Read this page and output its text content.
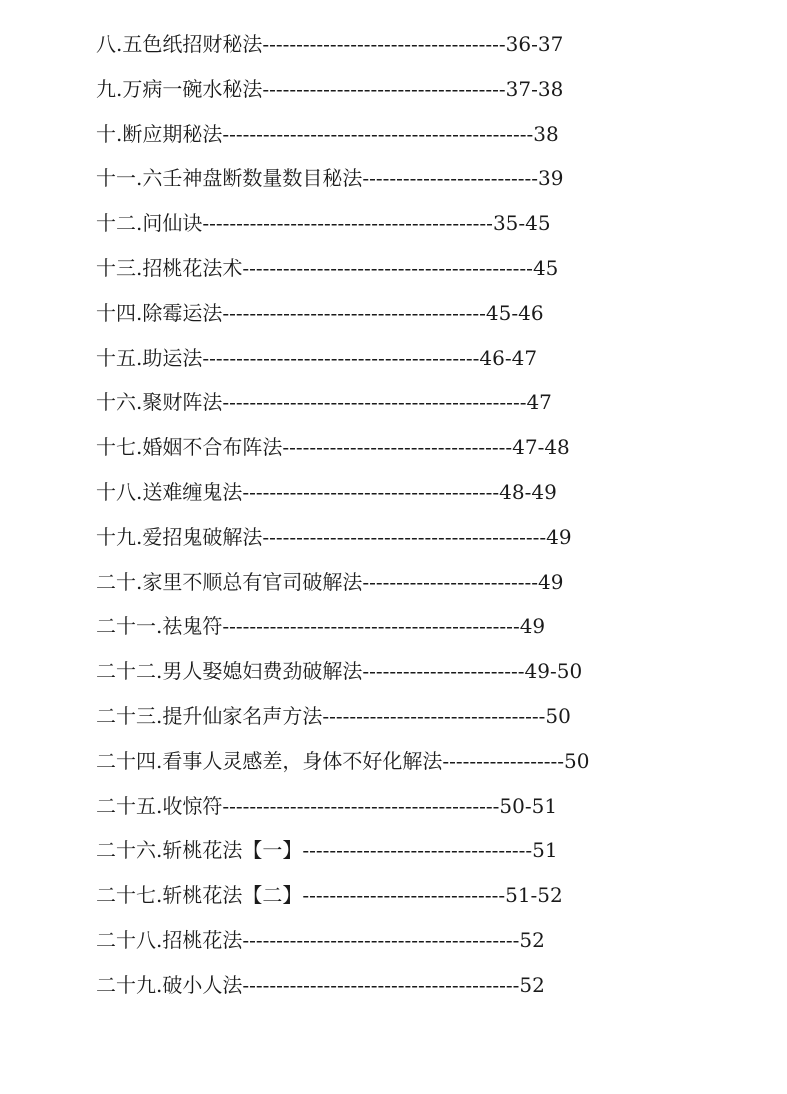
八.五色纸招财秘法------------------------------------36-37
九.万病一碗水秘法------------------------------------37-38
十.断应期秘法----------------------------------------------38
十一.六壬神盘断数量数目秘法--------------------------39
十二.问仙诀-------------------------------------------35-45
十三.招桃花法术-------------------------------------------45
十四.除霉运法---------------------------------------45-46
十五.助运法-----------------------------------------46-47
十六.聚财阵法---------------------------------------------47
十七.婚姻不合布阵法----------------------------------47-48
十八.送难缠鬼法--------------------------------------48-49
十九.爱招鬼破解法------------------------------------------49
二十.家里不顺总有官司破解法--------------------------49
二十一.祛鬼符--------------------------------------------49
二十二.男人娶媳妇费劲破解法------------------------49-50
二十三.提升仙家名声方法---------------------------------50
二十四.看事人灵感差，身体不好化解法------------------50
二十五.收惊符-----------------------------------------50-51
二十六.斩桃花法【一】----------------------------------51
二十七.斩桃花法【二】------------------------------51-52
二十八.招桃花法-----------------------------------------52
二十九.破小人法-----------------------------------------52
